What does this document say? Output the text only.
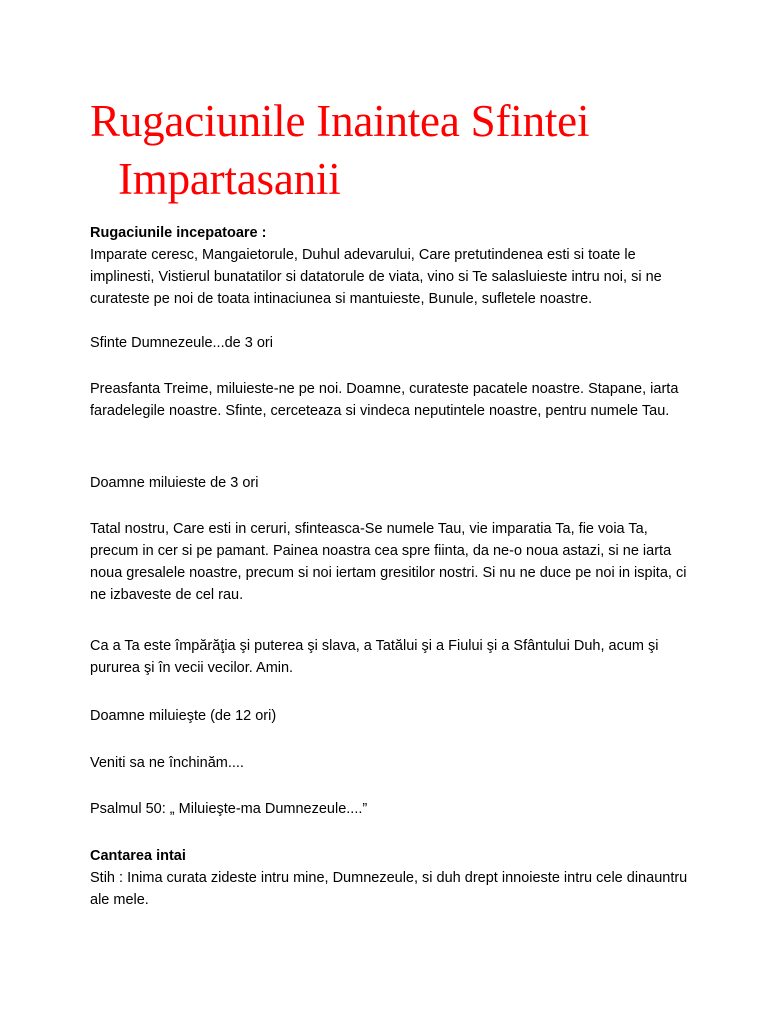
Rugaciunile Inaintea Sfintei
Impartasanii
Rugaciunile incepatoare :
Imparate ceresc, Mangaietorule, Duhul adevarului, Care pretutindenea esti si toate le implinesti, Vistierul bunatatilor si datatorule de viata, vino si Te salasluieste intru noi, si ne curateste pe noi de toata intinaciunea si mantuieste, Bunule, sufletele noastre.

Sfinte Dumnezeule...de 3 ori

Preasfanta Treime, miluieste-ne pe noi. Doamne, curateste pacatele noastre. Stapane, iarta faradelegile noastre. Sfinte, cerceteaza si vindeca neputintele noastre, pentru numele Tau.

Doamne miluieste de 3 ori

Tatal nostru, Care esti in ceruri, sfinteasca-Se numele Tau, vie imparatia Ta, fie voia Ta, precum in cer si pe pamant. Painea noastra cea spre fiinta, da ne-o noua astazi, si ne iarta noua gresalele noastre, precum si noi iertam gresitilor nostri. Si nu ne duce pe noi in ispita, ci ne izbaveste de cel rau.

Ca a Ta este împărăţia şi puterea şi slava, a Tatălui şi a Fiului şi a Sfântului Duh, acum şi pururea şi în vecii vecilor. Amin.

Doamne miluieşte (de 12 ori)

Veniti sa ne închinăm....

Psalmul 50: „ Miluieşte-ma Dumnezeule....”

Cantarea intai
Stih : Inima curata zideste intru mine, Dumnezeule, si duh drept innoieste intru cele dinauntru ale mele.
